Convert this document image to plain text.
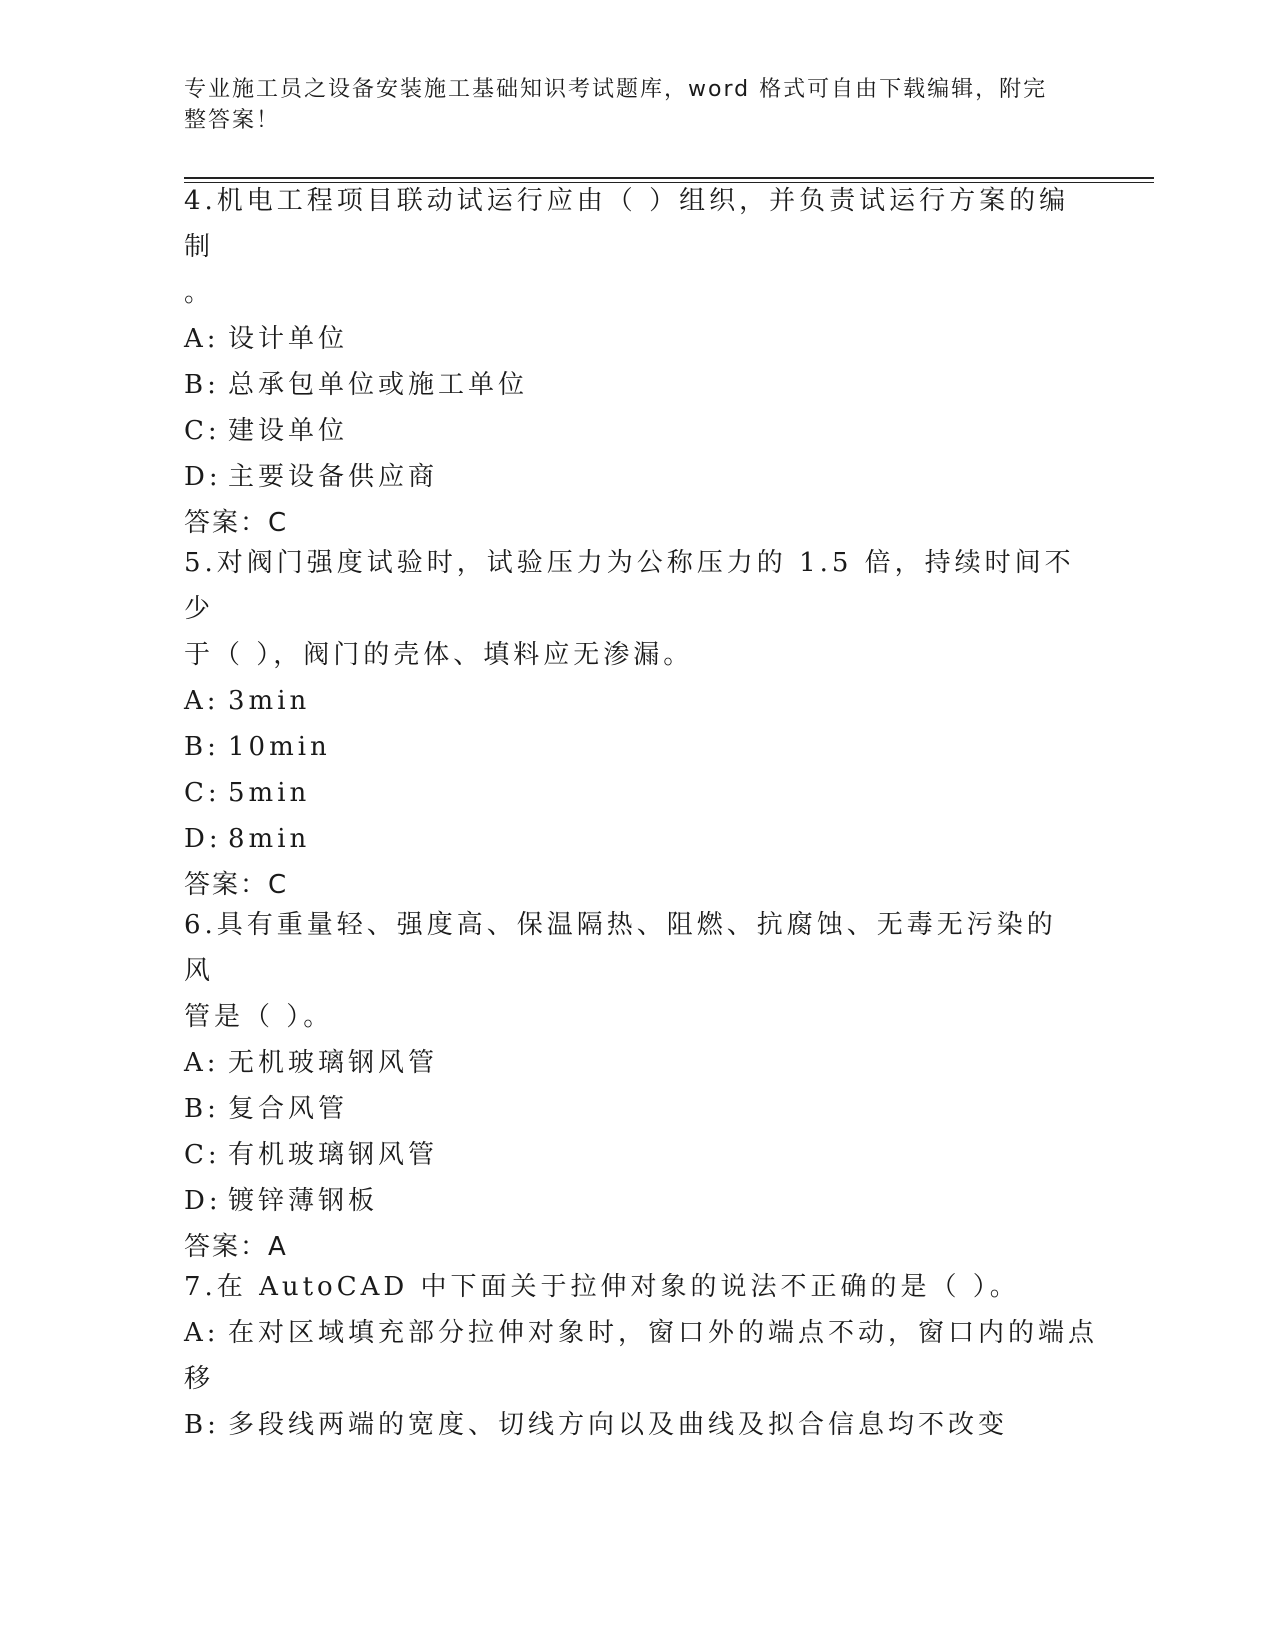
专业施工员之设备安装施工基础知识考试题库，word 格式可自由下载编辑，附完
整答案！
4.机电工程项目联动试运行应由（ ）组织，并负责试运行方案的编制
。
A: 设计单位
B: 总承包单位或施工单位
C: 建设单位
D: 主要设备供应商
答案：C
5.对阀门强度试验时，试验压力为公称压力的 1.5 倍，持续时间不少
于（ ），阀门的壳体、填料应无渗漏。
A: 3min
B: 10min
C: 5min
D: 8min
答案：C
6.具有重量轻、强度高、保温隔热、阻燃、抗腐蚀、无毒无污染的风
管是（ ）。
A: 无机玻璃钢风管
B: 复合风管
C: 有机玻璃钢风管
D: 镀锌薄钢板
答案：A
7.在 AutoCAD 中下面关于拉伸对象的说法不正确的是（ ）。
A: 在对区域填充部分拉伸对象时，窗口外的端点不动，窗口内的端点
移
B: 多段线两端的宽度、切线方向以及曲线及拟合信息均不改变
